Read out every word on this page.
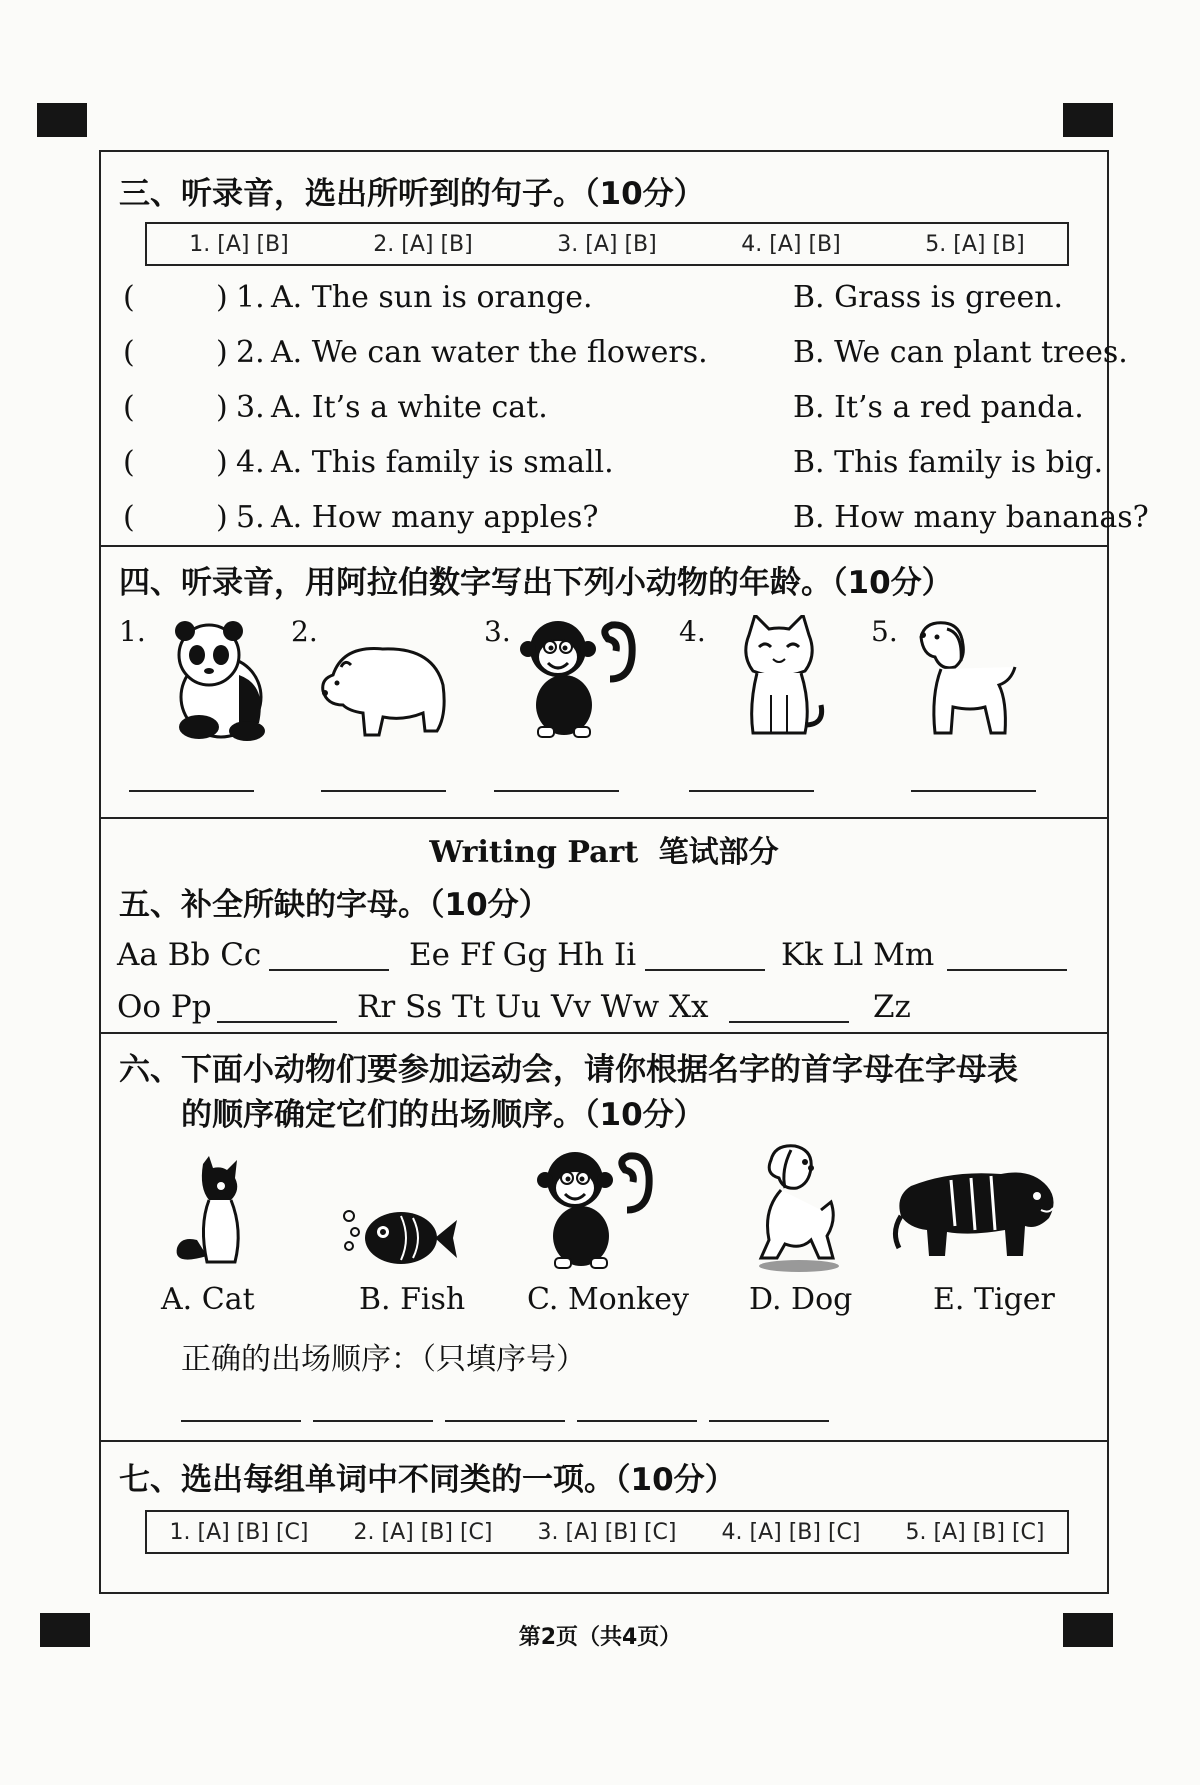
三、听录音，选出所听到的句子。（10分）
1. [A] [B]	2. [A] [B]	3. [A] [B]	4. [A] [B]	5. [A] [B]
(	) 1. A. The sun is orange.	B. Grass is green.
(	) 2. A. We can water the flowers.	B. We can plant trees.
(	) 3. A. It’s a white cat.	B. It’s a red panda.
(	) 4. A. This family is small.	B. This family is big.
(	) 5. A. How many apples?	B. How many bananas?
四、听录音，用阿拉伯数字写出下列小动物的年龄。（10分）
1.	2.	3.	4.	5.
Writing Part 笔试部分
五、补全所缺的字母。（10分）
Aa Bb Cc	Ee Ff Gg Hh Ii	Kk Ll Mm
Oo Pp	Rr Ss Tt Uu Vv Ww Xx	Zz
六、下面小动物们要参加运动会，请你根据名字的首字母在字母表
的顺序确定它们的出场顺序。（10分）
A. Cat	B. Fish C. Monkey D. Dog	E. Tiger
正确的出场顺序：（只填序号）
七、选出每组单词中不同类的一项。（10分）
1. [A] [B] [C] 2. [A] [B] [C] 3. [A] [B] [C] 4. [A] [B] [C] 5. [A] [B] [C]
第2页（共4页）
